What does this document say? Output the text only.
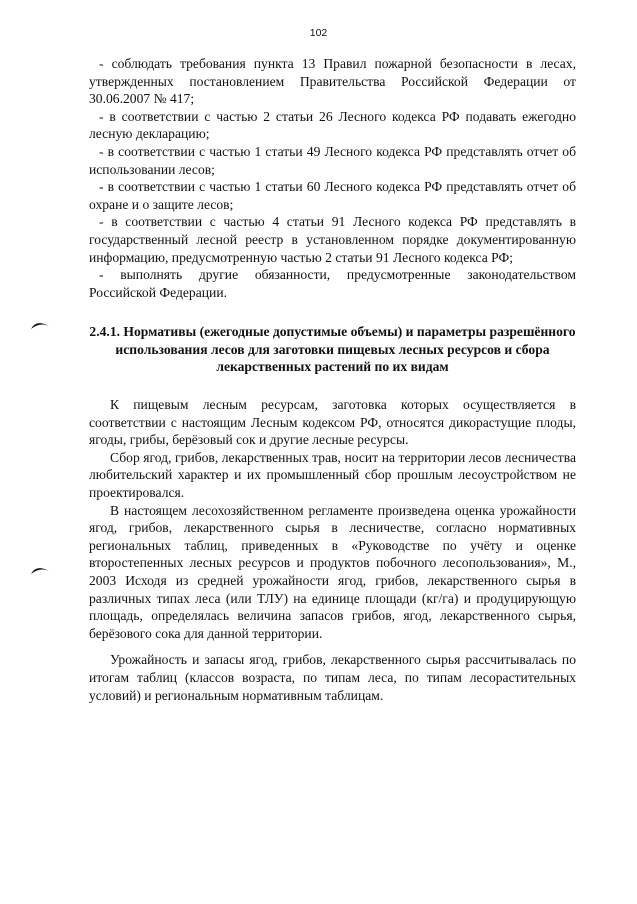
102

- соблюдать требования пункта 13 Правил пожарной безопасности в лесах, утвержденных постановлением Правительства Российской Федерации от 30.06.2007 № 417;

- в соответствии с частью 2 статьи 26 Лесного кодекса РФ подавать ежегодно лесную декларацию;

- в соответствии с частью 1 статьи 49 Лесного кодекса РФ представлять отчет об использовании лесов;

- в соответствии с частью 1 статьи 60 Лесного кодекса РФ представлять отчет об охране и о защите лесов;

- в соответствии с частью 4 статьи 91 Лесного кодекса РФ представлять в государственный лесной реестр в установленном порядке документированную информацию, предусмотренную частью 2 статьи 91 Лесного кодекса РФ;

- выполнять другие обязанности, предусмотренные законодательством Российской Федерации.

2.4.1. Нормативы (ежегодные допустимые объемы) и параметры разрешённого использования лесов для заготовки пищевых лесных ресурсов и сбора лекарственных растений по их видам

К пищевым лесным ресурсам, заготовка которых осуществляется в соответствии с настоящим Лесным кодексом РФ, относятся дикорастущие плоды, ягоды, грибы, берёзовый сок и другие лесные ресурсы.

Сбор ягод, грибов, лекарственных трав, носит на территории лесов лесничества любительский характер и их промышленный сбор прошлым лесоустройством не проектировался.

В настоящем лесохозяйственном регламенте произведена оценка урожайности ягод, грибов, лекарственного сырья в лесничестве, согласно нормативных региональных таблиц, приведенных в «Руководстве по учёту и оценке второстепенных лесных ресурсов и продуктов побочного лесопользования», М., 2003 Исходя из средней урожайности ягод, грибов, лекарственного сырья в различных типах леса (или ТЛУ) на единице площади (кг/га) и продуцирующую площадь, определялась величина запасов грибов, ягод, лекарственного сырья, берёзового сока для данной территории.

Урожайность и запасы ягод, грибов, лекарственного сырья рассчитывалась по итогам таблиц (классов возраста, по типам леса, по типам лесорастительных условий) и региональным нормативным таблицам.
